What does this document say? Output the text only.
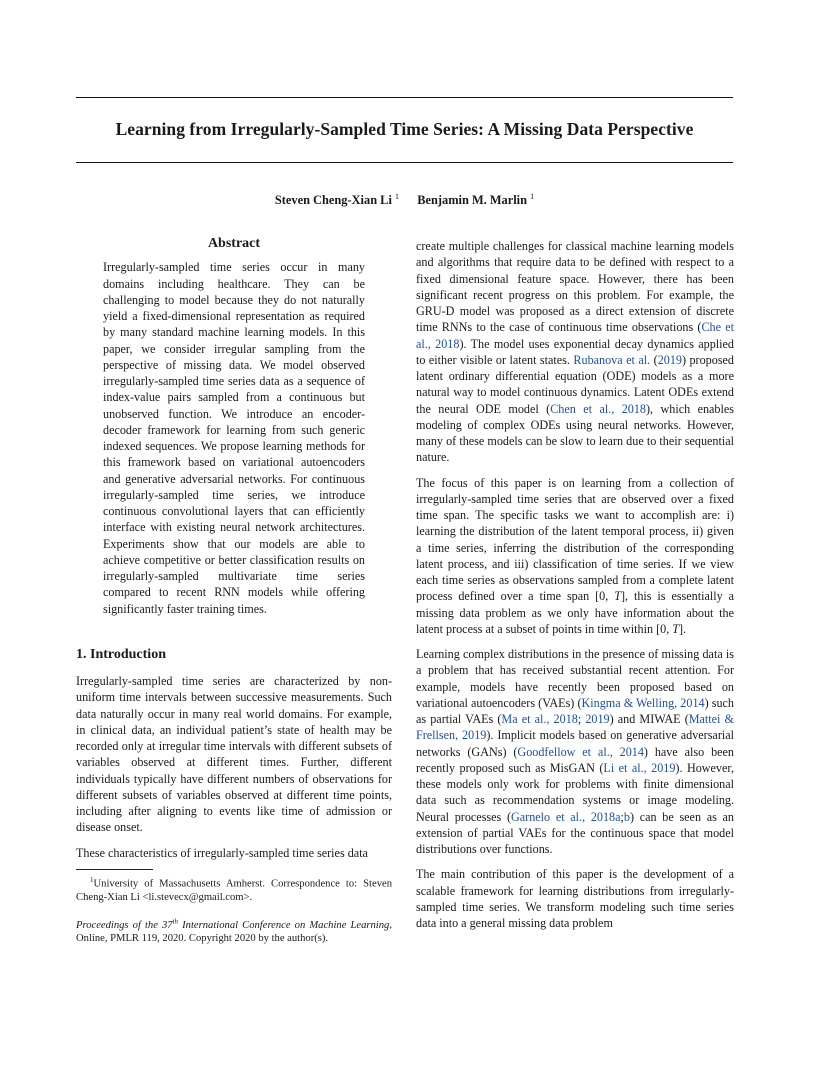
Learning from Irregularly-Sampled Time Series: A Missing Data Perspective
Steven Cheng-Xian Li $^1$ Benjamin M. Marlin $^1$
Abstract

Irregularly-sampled time series occur in many domains including healthcare. They can be challenging to model because they do not naturally yield a fixed-dimensional representation as required by many standard machine learning models. In this paper, we consider irregular sampling from the perspective of missing data. We model observed irregularly-sampled time series data as a sequence of index-value pairs sampled from a continuous but unobserved function. We introduce an encoder-decoder framework for learning from such generic indexed sequences. We propose learning methods for this framework based on variational autoencoders and generative adversarial networks. For continuous irregularly-sampled time series, we introduce continuous convolutional layers that can efficiently interface with existing neural network architectures. Experiments show that our models are able to achieve competitive or better classification results on irregularly-sampled multivariate time series compared to recent RNN models while offering significantly faster training times.

1. Introduction

Irregularly-sampled time series are characterized by non-uniform time intervals between successive measurements. Such data naturally occur in many real world domains. For example, in clinical data, an individual patient’s state of health may be recorded only at irregular time intervals with different subsets of variables observed at different times. Further, different individuals typically have different numbers of observations for different subsets of variables observed at different time points, including after aligning to events like time of admission or disease onset.

These characteristics of irregularly-sampled time series data

$^1$University of Massachusetts Amherst. Correspondence to: Steven Cheng-Xian Li <li.stevecx@gmail.com>.
Proceedings of the 37th International Conference on Machine Learning, Online, PMLR 119, 2020. Copyright 2020 by the author(s).

create multiple challenges for classical machine learning models and algorithms that require data to be defined with respect to a fixed dimensional feature space. However, there has been significant recent progress on this problem. For example, the GRU-D model was proposed as a direct extension of discrete time RNNs to the case of continuous time observations (Che et al., 2018). The model uses exponential decay dynamics applied to either visible or latent states. Rubanova et al. (2019) proposed latent ordinary differential equation (ODE) models as a more natural way to model continuous dynamics. Latent ODEs extend the neural ODE model (Chen et al., 2018), which enables modeling of complex ODEs using neural networks. However, many of these models can be slow to learn due to their sequential nature.

The focus of this paper is on learning from a collection of irregularly-sampled time series that are observed over a fixed time span. The specific tasks we want to accomplish are: i) learning the distribution of the latent temporal process, ii) given a time series, inferring the distribution of the corresponding latent process, and iii) classification of time series. If we view each time series as observations sampled from a complete latent process defined over a time span [0, T], this is essentially a missing data problem as we only have information about the latent process at a subset of points in time within [0, T].

Learning complex distributions in the presence of missing data is a problem that has received substantial recent attention. For example, models have recently been proposed based on variational autoencoders (VAEs) (Kingma & Welling, 2014) such as partial VAEs (Ma et al., 2018; 2019) and MIWAE (Mattei & Frellsen, 2019). Implicit models based on generative adversarial networks (GANs) (Goodfellow et al., 2014) have also been recently proposed such as MisGAN (Li et al., 2019). However, these models only work for problems with finite dimensional data such as recommendation systems or image modeling. Neural processes (Garnelo et al., 2018a;b) can be seen as an extension of partial VAEs for the continuous space that model distributions over functions.

The main contribution of this paper is the development of a scalable framework for learning distributions from irregularly-sampled time series. We transform modeling such time series data into a general missing data problem
